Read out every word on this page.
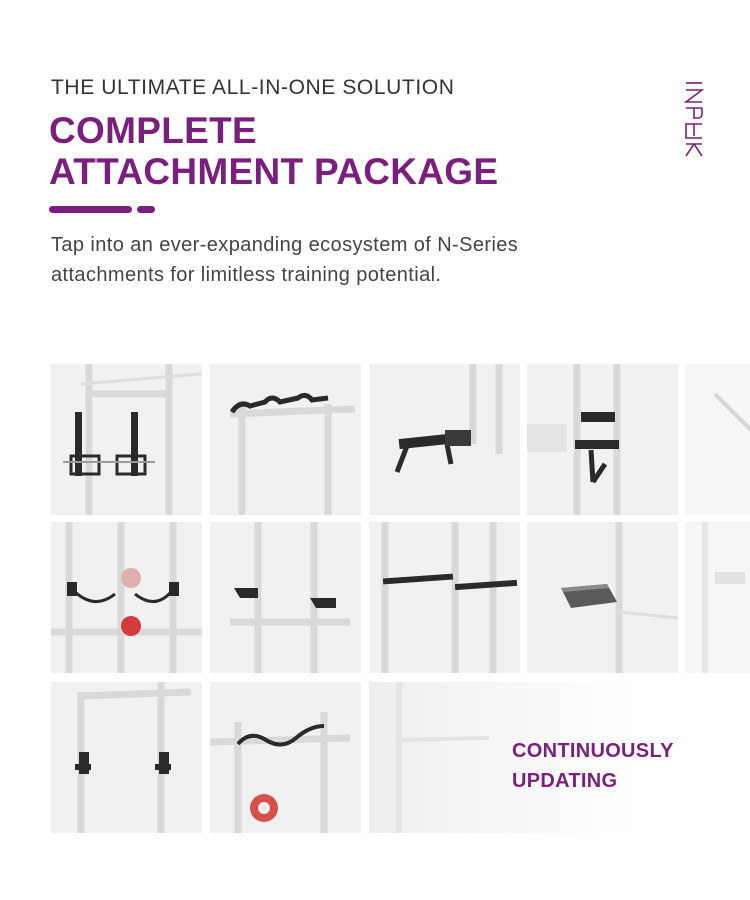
THE ULTIMATE ALL-IN-ONE SOLUTION
COMPLETE
ATTACHMENT PACKAGE
Tap into an ever-expanding ecosystem of N-Series
attachments for limitless training potential.
CONTINUOUSLY
UPDATING
